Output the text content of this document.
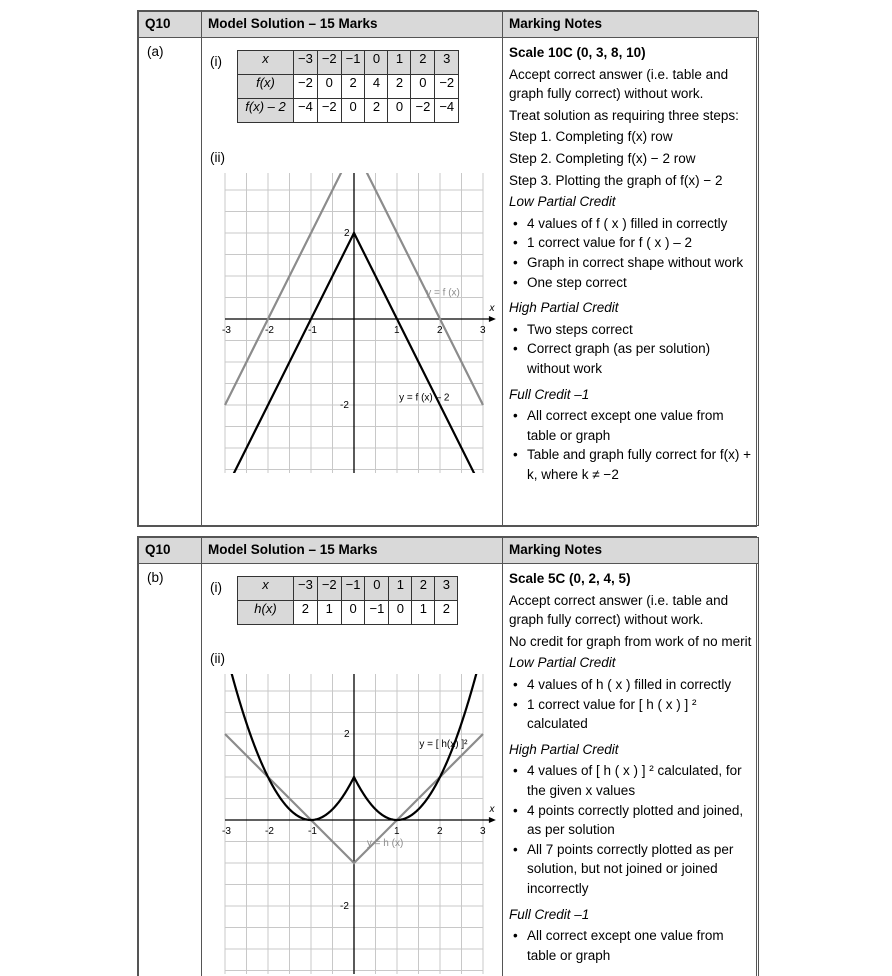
Q10	Model Solution – 15 Marks	Marking Notes
(a)	
(i)	x	−3	−2	−1	0	1	2	3
f(x)	−2	0	2	4	2	0	−2
f(x) – 2	−4	−2	0	2	0	−2	−4
(ii)
x
-3	-2	-1	1	2	3
2
-2
y = f (x)
y = f (x) – 2

Scale 10C (0, 3, 8, 10)

Accept correct answer (i.e. table and graph fully correct) without work.

Treat solution as requiring three steps:

Step 1. Completing f(x) row

Step 2. Completing f(x) − 2 row

Step 3. Plotting the graph of f(x) − 2

Low Partial Credit

• 4 values of f ( x ) filled in correctly
• 1 correct value for f ( x ) – 2
• Graph in correct shape without work
• One step correct

High Partial Credit

• Two steps correct
• Correct graph (as per solution) without work

Full Credit –1

• All correct except one value from table or graph
• Table and graph fully correct for f(x) + k, where k ≠ −2
Q10	Model Solution – 15 Marks	Marking Notes
(b)	
(i)	x	−3	−2	−1	0	1	2	3
h(x)	2	1	0	−1	0	1	2
(ii)
x
-3	-2	-1	1	2	3
2
-2
y = h (x)
y = [ h(x) ]²

Scale 5C (0, 2, 4, 5)

Accept correct answer (i.e. table and graph fully correct) without work.

No credit for graph from work of no merit

Low Partial Credit

• 4 values of h ( x ) filled in correctly
• 1 correct value for [ h ( x ) ] ² calculated

High Partial Credit

• 4 values of [ h ( x ) ] ² calculated, for the given x values
• 4 points correctly plotted and joined, as per solution
• All 7 points correctly plotted as per solution, but not joined or joined incorrectly

Full Credit –1

• All correct except one value from table or graph
